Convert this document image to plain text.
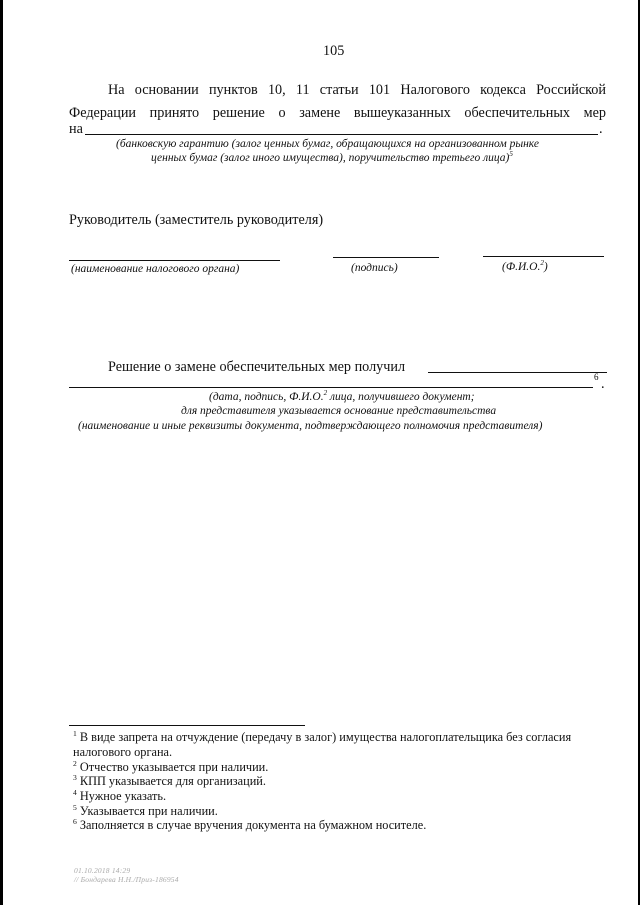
105
На основании пунктов 10, 11 статьи 101 Налогового кодекса Российской
Федерации принято решение о замене вышеуказанных обеспечительных мер
на	.
(банковскую гарантию (залог ценных бумаг, обращающихся на организованном рынке
ценных бумаг (залог иного имущества), поручительство третьего лица)$^5$
Руководитель (заместитель руководителя)
(наименование налогового органа)	(подпись)	(Ф.И.О.$^2$)
Решение о замене обеспечительных мер получил
6 .
(дата, подпись, Ф.И.О.$^2$ лица, получившего документ;
для представителя указывается основание представительства
(наименование и иные реквизиты документа, подтверждающего полномочия представителя)
$^1$ В виде запрета на отчуждение (передачу в залог) имущества налогоплательщика без согласия
налогового органа.
$^2$ Отчество указывается при наличии.
$^3$ КПП указывается для организаций.
$^4$ Нужное указать.
$^5$ Указывается при наличии.
$^6$ Заполняется в случае вручения документа на бумажном носителе.
01.10.2018 14:29
// Бондарева Н.Н./Приз-186954
